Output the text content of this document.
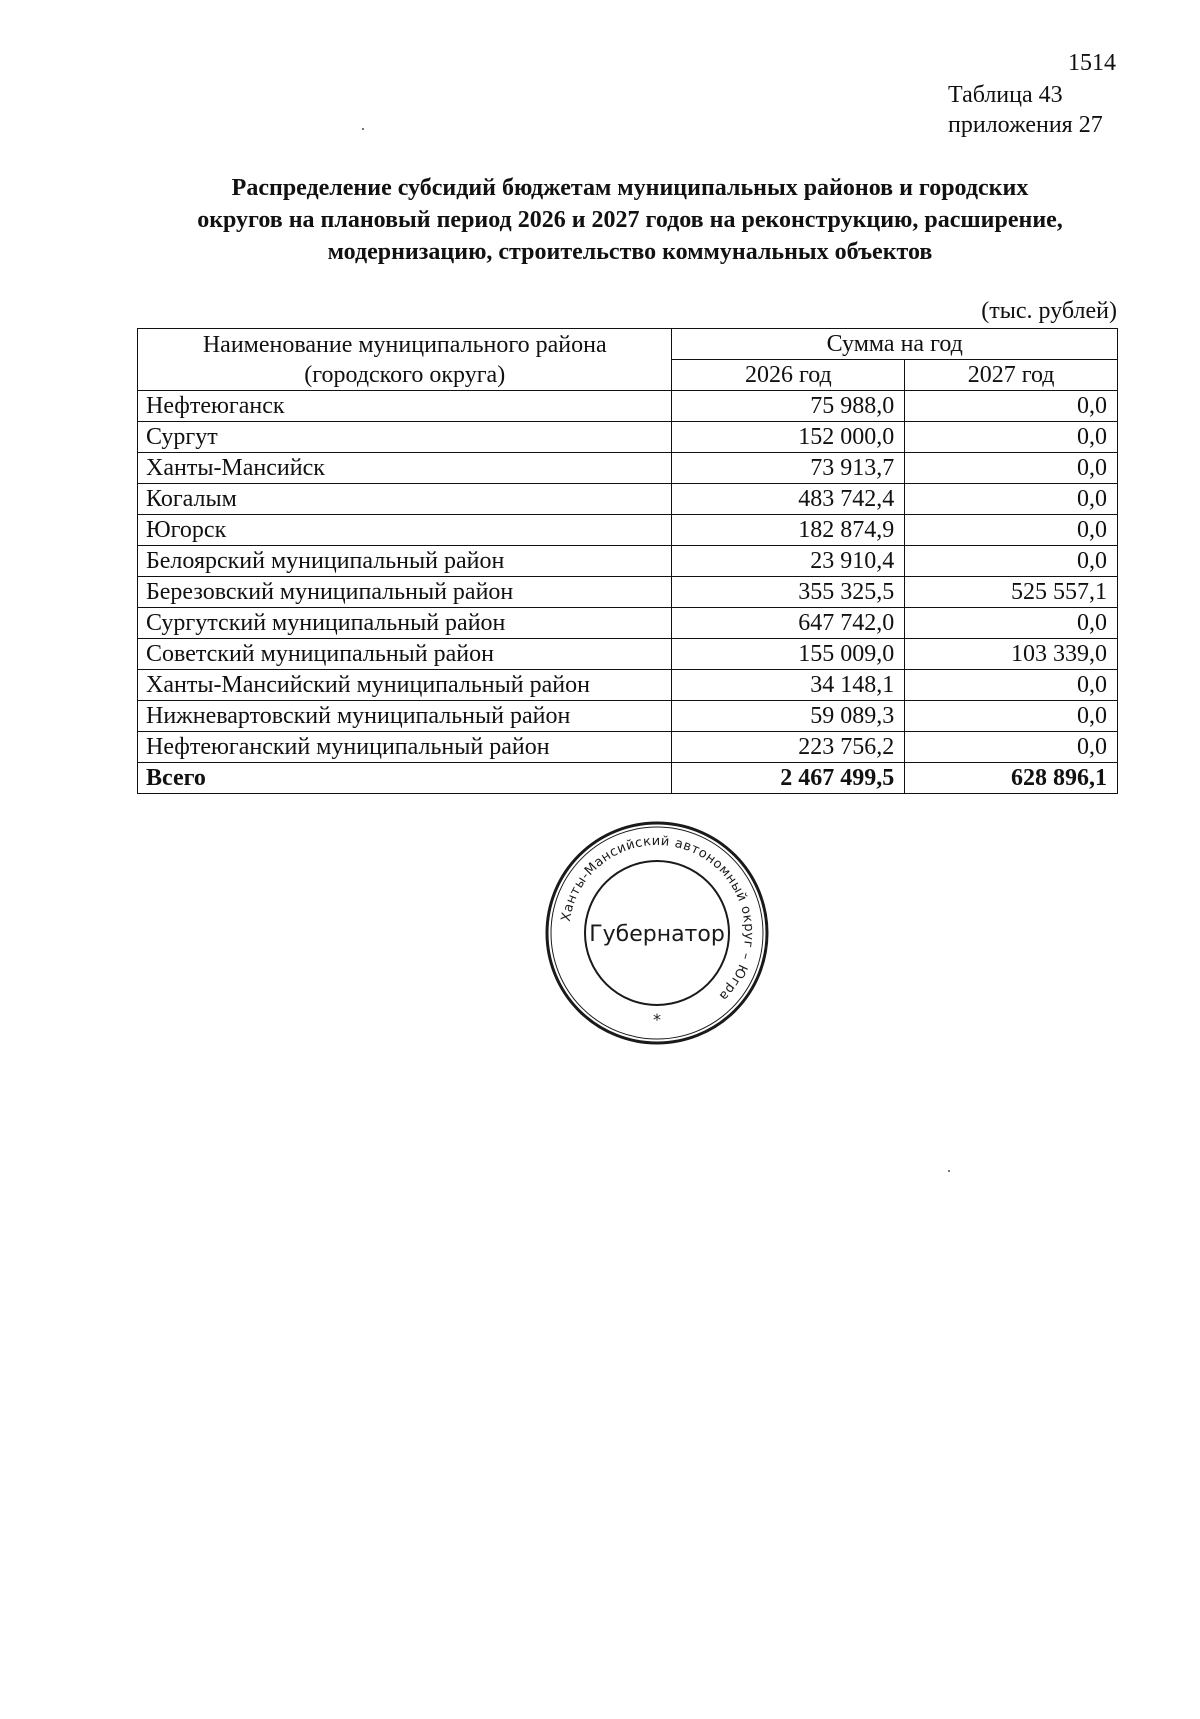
1514
Таблица 43
приложения 27
Распределение субсидий бюджетам муниципальных районов и городских
округов на плановый период 2026 и 2027 годов на реконструкцию, расширение,
модернизацию, строительство коммунальных объектов
(тыс. рублей)
Наименование муниципального района
(городского округа)	Сумма на год	
	2026 год	2027 год
Нефтеюганск	75 988,0	0,0
Сургут	152 000,0	0,0
Ханты-Мансийск	73 913,7	0,0
Когалым	483 742,4	0,0
Югорск	182 874,9	0,0
Белоярский муниципальный район	23 910,4	0,0
Березовский муниципальный район	355 325,5	525 557,1
Сургутский муниципальный район	647 742,0	0,0
Советский муниципальный район	155 009,0	103 339,0
Ханты-Мансийский муниципальный район	34 148,1	0,0
Нижневартовский муниципальный район	59 089,3	0,0
Нефтеюганский муниципальный район	223 756,2	0,0
Всего	2 467 499,5	628 896,1
Ханты-Мансийский автономный округ – Югра
Губернатор
*
